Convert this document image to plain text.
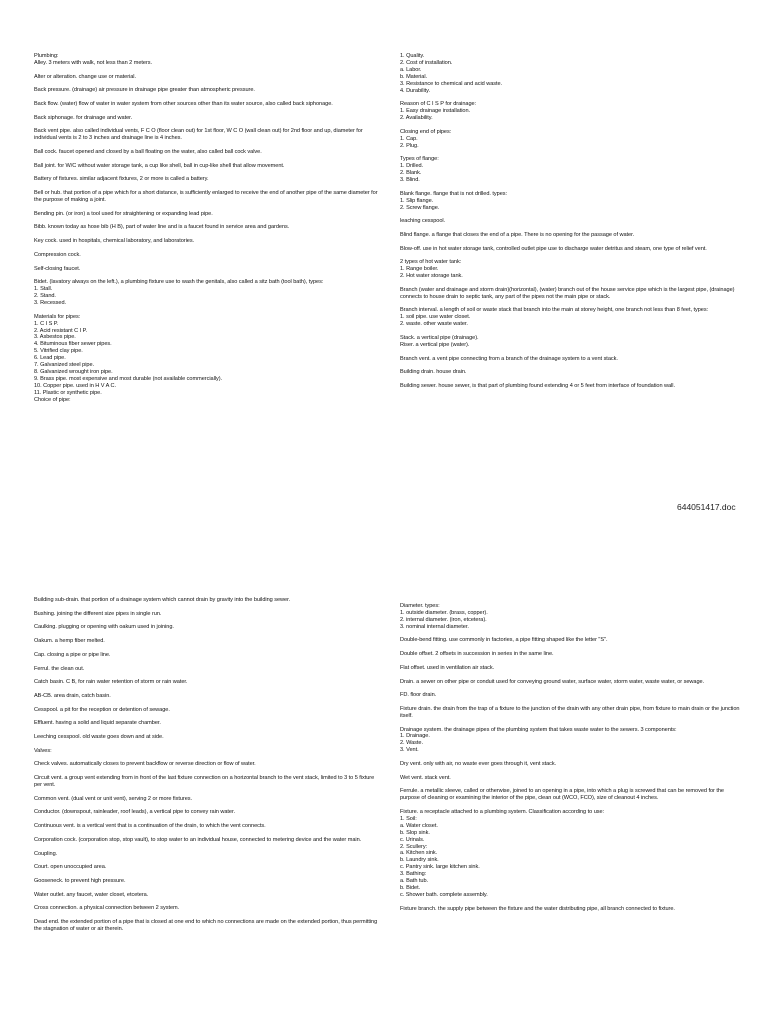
Plumbing:
Alley. 3 meters with walk, not less than 2 meters.

Alter or alteration. change use or material.

Back pressure. (drainage) air pressure in drainage pipe greater than atmospheric pressure.

Back flow. (water) flow of water in water system from other sources other than its water source, also called back siphonage.

Back siphonage. for drainage and water.

Back vent pipe. also called individual vents, F C O (floor clean out) for 1st floor, W C O (wall clean out) for 2nd floor and up, diameter for individual vents is 2 to 3 inches and drainage line is 4 inches.

Ball cock. faucet opened and closed by a ball floating on the water, also called ball cock valve.

Ball joint. for W/C without water storage tank, a cup like shell, ball in cup-like shell that allow movement.

Battery of fixtures. similar adjacent fixtures, 2 or more is called a battery.

Bell or hub. that portion of a pipe which for a short distance, is sufficiently enlarged to receive the end of another pipe of the same diameter for the purpose of making a joint.

Bending pin. (or iron) a tool used for straightening or expanding lead pipe.

Bibb. known today as hose bib (H B), part of water line and is a faucet found in service area and gardens.

Key cock. used in hospitals, chemical laboratory, and laboratories.

Compression cock.

Self-closing faucet.

Bidet. (lavatory always on the left.), a plumbing fixture use to wash the genitals, also called a sitz bath (tool bath), types:
1. Stall.
2. Stand.
3. Recessed.

Materials for pipes:
1. C I S P.
2. Acid resistant C I P.
3. Asbestos pipe.
4. Bituminous fiber sewer pipes.
5. Vitrified clay pipe.
6. Lead pipe.
7. Galvanized steel pipe.
8. Galvanized wrought iron pipe.
9. Brass pipe. most expensive and most durable (not available commercially).
10. Copper pipe. used in H V A C.
11. Plastic or synthetic pipe.
Choice of pipe:

1. Quality.
2. Cost of installation.
a. Labor.
b. Material.
3. Resistance to chemical and acid waste.
4. Durability.

Reason of C I S P for drainage:
1. Easy drainage installation.
2. Availability.

Closing end of pipes:
1. Cap.
2. Plug.

Types of flange:
1. Drilled.
2. Blank.
3. Blind.

Blank flange. flange that is not drilled. types:
1. Slip flange.
2. Screw flange.

leaching cesspool.

Blind flange. a flange that closes the end of a pipe. There is no opening for the passage of water.

Blow-off. use in hot water storage tank, controlled outlet pipe use to discharge water detritus and steam, one type of relief vent.

2 types of hot water tank:
1. Range boiler.
2. Hot water storage tank.

Branch (water and drainage and storm drain)(horizontal), (water) branch out of the house service pipe which is the largest pipe, (drainage) connects to house drain to septic tank, any part of the pipes not the main pipe or stack.

Branch interval. a length of soil or waste stack that branch into the main at storey height, one branch not less than 8 feet, types:
1. soil pipe. use water closet.
2. waste. other waste water.

Stack. a vertical pipe (drainage).
Riser. a vertical pipe (water).

Branch vent. a vent pipe connecting from a branch of the drainage system to a vent stack.

Building drain. house drain.

Building sewer. house sewer, is that part of plumbing found extending 4 or 5 feet from interface of foundation wall.

644051417.doc

Building sub-drain. that portion of a drainage system which cannot drain by gravity into the building sewer.

Bushing. joining the different size pipes in single run.

Caulking. plugging or opening with oakum used in joining.

Oakum. a hemp fiber melted.

Cap. closing a pipe or pipe line.

Ferrul. the clean out.

Catch basin. C B, for rain water retention of storm or rain water.

AB-CB. area drain, catch basin.

Cesspool. a pit for the reception or detention of sewage.

Effluent. having a solid and liquid separate chamber.

Leeching cesspool. old waste goes down and at side.

Valves:

Check valves. automatically closes to prevent backflow or reverse direction or flow of water.

Circuit vent. a group vent extending from in front of the last fixture connection on a horizontal branch to the vent stack, limited to 3 to 5 fixture per vent.

Common vent. (dual vent or unit vent), serving 2 or more fixtures.

Conductor. (downspout, rainleader, roof leads), a vertical pipe to convey rain water.

Continuous vent. is a vertical vent that is a continuation of the drain, to which the vent connects.

Corporation cock. (corporation stop, stop vault), to stop water to an individual house, connected to metering device and the water main.

Coupling.

Court. open unoccupied area.

Gooseneck. to prevent high pressure.

Water outlet. any faucet, water closet, etcetera.

Cross connection. a physical connection between 2 system.

Dead end. the extended portion of a pipe that is closed at one end to which no connections are made on the extended portion, thus permitting the stagnation of water or air therein.

Diameter. types:
1. outside diameter. (brass, copper).
2. internal diameter. (iron, etcetera).
3. nominal internal diameter.

Double-bend fitting. use commonly in factories, a pipe fitting shaped like the letter "S".

Double offset. 2 offsets in succession in series in the same line.

Flat offset. used in ventilation air stack.

Drain. a sewer on other pipe or conduit used for conveying ground water, surface water, storm water, waste water, or sewage.

FD. floor drain.

Fixture drain. the drain from the trap of a fixture to the junction of the drain with any other drain pipe, from fixture to main drain or the junction itself.

Drainage system. the drainage pipes of the plumbing system that takes waste water to the sewers. 3 components:
1. Drainage.
2. Waste.
3. Vent.

Dry vent. only with air, no waste ever goes through it, vent stack.

Wet vent. stack vent.

Ferrule. a metallic sleeve, called or otherwise, joined to an opening in a pipe, into which a plug is screwed that can be removed for the purpose of cleaning or examining the interior of the pipe, clean out (WCO, FCO), size of cleanout 4 inches.

Fixture. a receptacle attached to a plumbing system. Classification according to use:
1. Soil:
a. Water closet.
b. Slop sink.
c. Urinals.
2. Scullery:
a. Kitchen sink.
b. Laundry sink.
c. Pantry sink. large kitchen sink.
3. Bathing:
a. Bath tub.
b. Bidet.
c. Shower bath. complete assembly.

Fixture branch. the supply pipe between the fixture and the water distributing pipe, all branch connected to fixture.
